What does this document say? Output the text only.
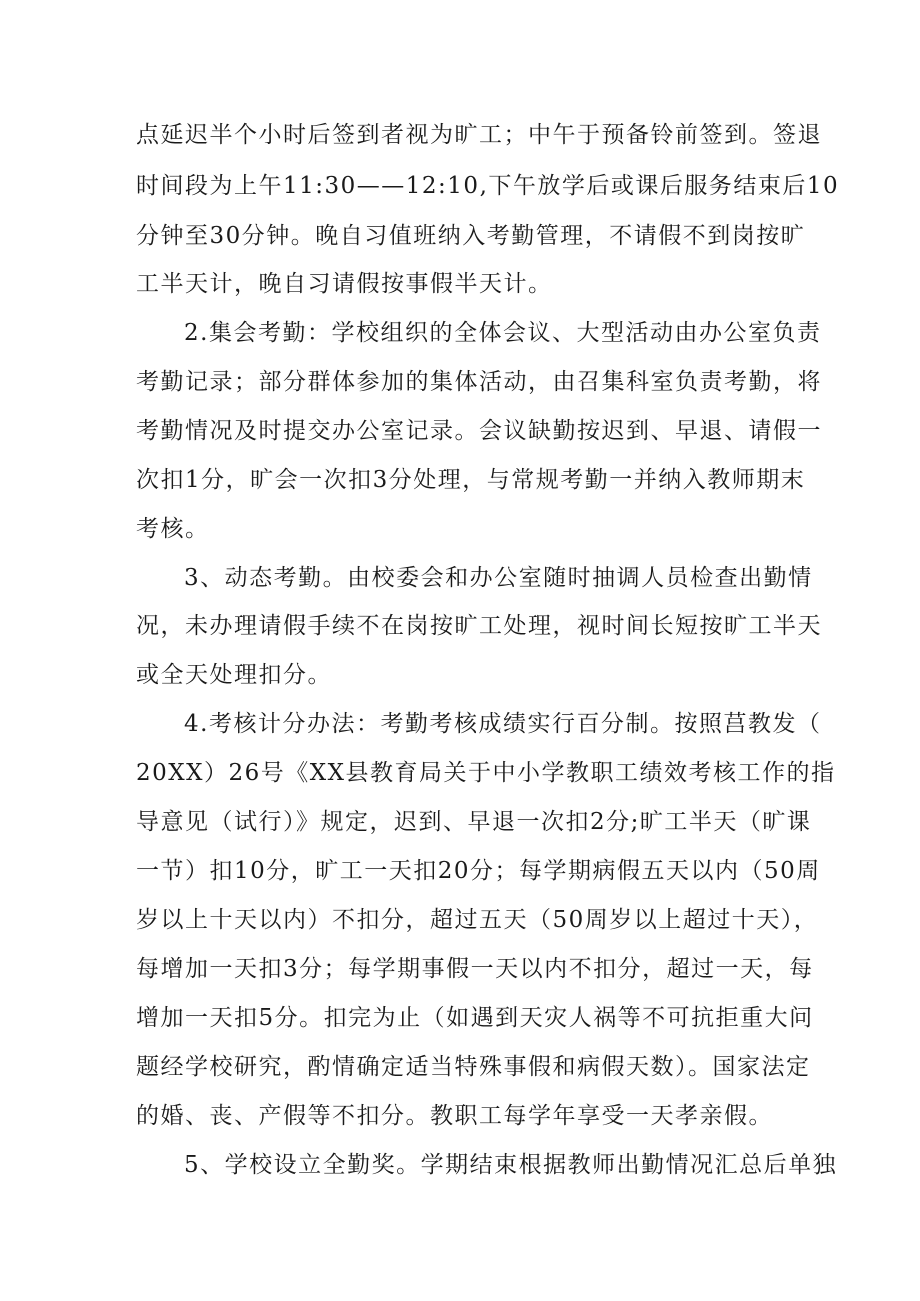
点延迟半个小时后签到者视为旷工；中午于预备铃前签到。签退
时间段为上午11:30——12:10,下午放学后或课后服务结束后10
分钟至30分钟。晚自习值班纳入考勤管理，不请假不到岗按旷
工半天计，晚自习请假按事假半天计。
2.集会考勤：学校组织的全体会议、大型活动由办公室负责
考勤记录；部分群体参加的集体活动，由召集科室负责考勤，将
考勤情况及时提交办公室记录。会议缺勤按迟到、早退、请假一
次扣1分，旷会一次扣3分处理，与常规考勤一并纳入教师期末
考核。
3、动态考勤。由校委会和办公室随时抽调人员检查出勤情
况，未办理请假手续不在岗按旷工处理，视时间长短按旷工半天
或全天处理扣分。
4.考核计分办法：考勤考核成绩实行百分制。按照莒教发（
20XX）26号《XX县教育局关于中小学教职工绩效考核工作的指
导意见（试行）》规定，迟到、早退一次扣2分;旷工半天（旷课
一节）扣10分，旷工一天扣20分；每学期病假五天以内（50周
岁以上十天以内）不扣分，超过五天（50周岁以上超过十天），
每增加一天扣3分；每学期事假一天以内不扣分，超过一天，每
增加一天扣5分。扣完为止（如遇到天灾人祸等不可抗拒重大问
题经学校研究，酌情确定适当特殊事假和病假天数）。国家法定
的婚、丧、产假等不扣分。教职工每学年享受一天孝亲假。
5、学校设立全勤奖。学期结束根据教师出勤情况汇总后单独
